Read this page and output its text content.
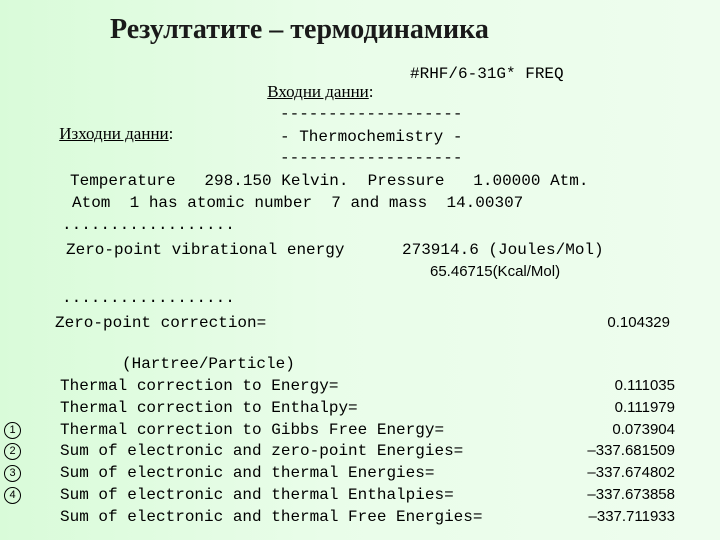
Резултатите – термодинамика

Входни данни:

#RHF/6-31G* FREQ

Изходни данни:

-------------------
- Thermochemistry -
-------------------
Temperature   298.150 Kelvin.  Pressure   1.00000 Atm.
Atom  1 has atomic number  7 and mass  14.00307
..................
Zero-point vibrational energy	273914.6 (Joules/Mol)
65.46715(Kcal/Mol)
..................
Zero-point correction=	0.104329
(Hartree/Particle)
Thermal correction to Energy=	0.111035
Thermal correction to Enthalpy=	0.111979
Thermal correction to Gibbs Free Energy=	0.073904
1
Sum of electronic and zero-point Energies=	–337.681509
2
Sum of electronic and thermal Energies=	–337.674802
3
Sum of electronic and thermal Enthalpies=	–337.673858
4
Sum of electronic and thermal Free Energies=	–337.711933
